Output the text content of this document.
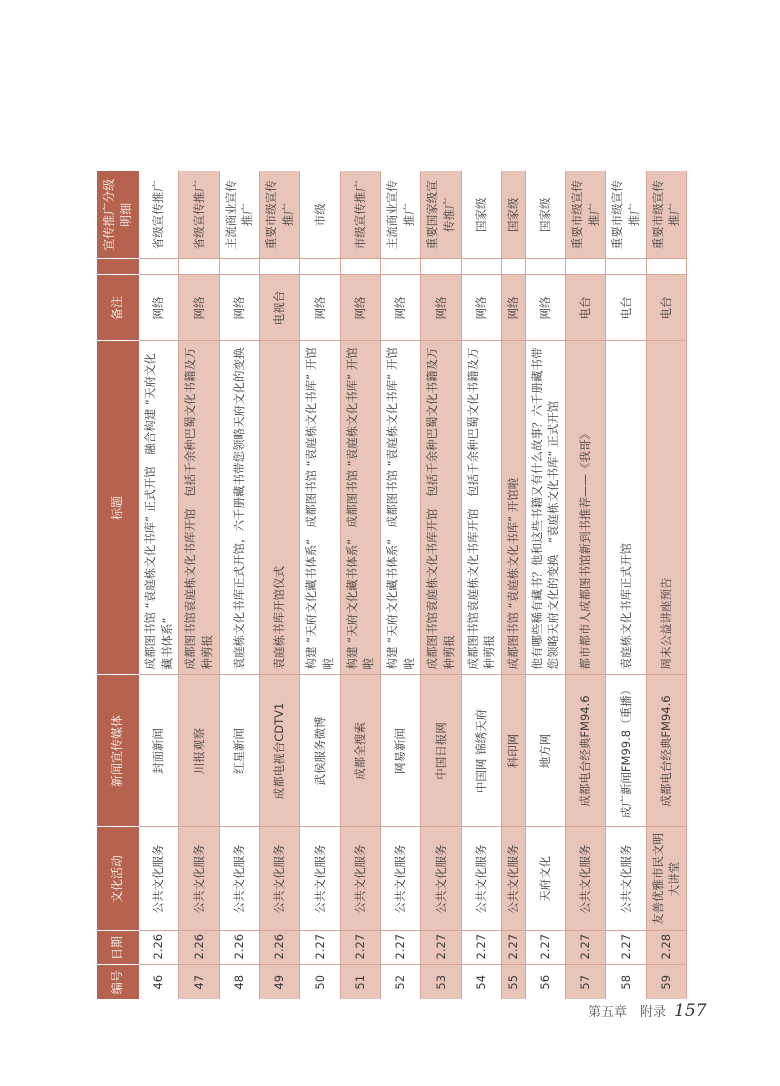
编号	日期	文化活动	新闻宣传媒体	标题	备注		宣传推广分级明细
46	2.26	公共文化服务	封面新闻	成都图书馆 “袁庭栋文化书库” 正式开馆　融合构建 “天府文化藏书体系”	网络		省级宣传推广
47	2.26	公共文化服务	川报观察	成都图书馆袁庭栋文化书库开馆　包括千余种巴蜀文化书籍及万种剪报	网络		省级宣传推广
48	2.26	公共文化服务	红星新闻	袁庭栋文化书库正式开馆，六千册藏书带您领略天府文化的变换	网络		主流商业宣传推广
49	2.26	公共文化服务	成都电视台CDTV1	袁庭栋书库开馆仪式	电视台		重要市级宣传推广
50	2.27	公共文化服务	武侯服务微博	构建 “天府文化藏书体系”　成都图书馆 “袁庭栋文化书库” 开馆啦	网络		市级
51	2.27	公共文化服务	成都全搜索	构建 “天府文化藏书体系”　成都图书馆 “袁庭栋文化书库” 开馆啦	网络		市级宣传推广
52	2.27	公共文化服务	网易新闻	构建 “天府文化藏书体系”　成都图书馆 “袁庭栋文化书库” 开馆啦	网络		主流商业宣传推广
53	2.27	公共文化服务	中国日报网	成都图书馆袁庭栋文化书库开馆　包括千余种巴蜀文化书籍及万种剪报	网络		重要国家级宣传推广
54	2.27	公共文化服务	中国网 锦绣天府	成都图书馆袁庭栋文化书库开馆　包括千余种巴蜀文化书籍及万种剪报	网络		国家级
55	2.27	公共文化服务	科印网	成都图书馆 “袁庭栋文化书库” 开馆啦	网络		国家级
56	2.27	天府文化	地方网	他有哪些稀有藏书？他和这些书籍又有什么故事？六千册藏书带您领略天府文化的变换　“袁庭栋文化书库” 正式开馆	网络		国家级
57	2.27	公共文化服务	成都电台经典FM94.6	都市都市人成都图书馆新到书推荐——《我哥》	电台		重要市级宣传推广
58	2.27	公共文化服务	成广新闻FM99.8（重播）	袁庭栋文化书库正式开馆	电台		重要市级宣传推广
59	2.28	友善优雅市民文明大讲堂	成都电台经典FM94.6	周末公益讲座预告	电台		重要市级宣传推广
第五章　附录 157
